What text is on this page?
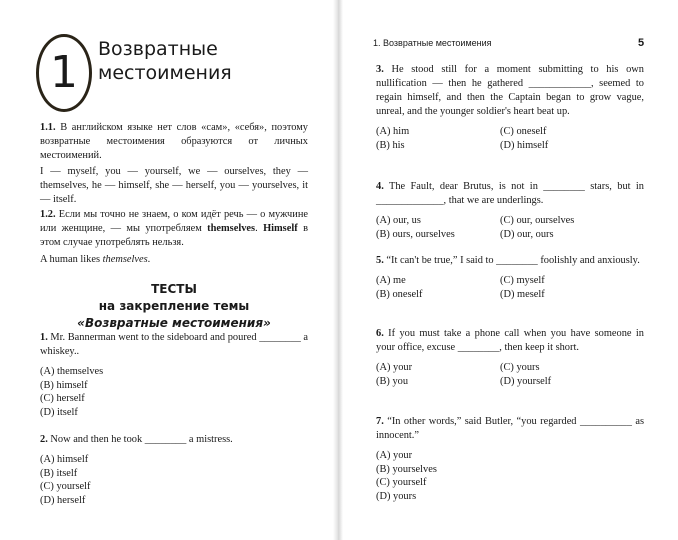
1 Возвратные
местоимения
1.1. В английском языке нет слов «сам», «себя», поэтому возвратные местоимения образуются от личных местоимений.
I — myself, you — yourself, we — ourselves, they — themselves, he — himself, she — herself, you — yourselves, it — itself.
1.2. Если мы точно не знаем, о ком идёт речь — о мужчине или женщине, — мы употребляем themselves. Himself в этом случае употреблять нельзя.
A human likes themselves.
ТЕСТЫ
на закрепление темы
«Возвратные местоимения»
1. Mr. Bannerman went to the sideboard and poured ________ a whiskey..
(A) themselves
(B) himself
(C) herself
(D) itself
2. Now and then he took ________ a mistress.
(A) himself
(B) itself
(C) yourself
(D) herself
1. Возвратные местоимения	5
3. He stood still for a moment submitting to his own nullification — then he gathered ____________, seemed to regain himself, and then the Captain began to grow vague, unreal, and the younger soldier's heart beat up.
(A) him	(C) oneself
(B) his	(D) himself
4. The Fault, dear Brutus, is not in ________ stars, but in _____________, that we are underlings.
(A) our, us	(C) our, ourselves
(B) ours, ourselves	(D) our, ours
5. “It can't be true,” I said to ________ foolishly and anxiously.
(A) me	(C) myself
(B) oneself	(D) meself
6. If you must take a phone call when you have someone in your office, excuse ________, then keep it short.
(A) your	(C) yours
(B) you	(D) yourself
7. “In other words,” said Butler, “you regarded __________ as innocent.”
(A) your
(B) yourselves
(C) yourself
(D) yours
